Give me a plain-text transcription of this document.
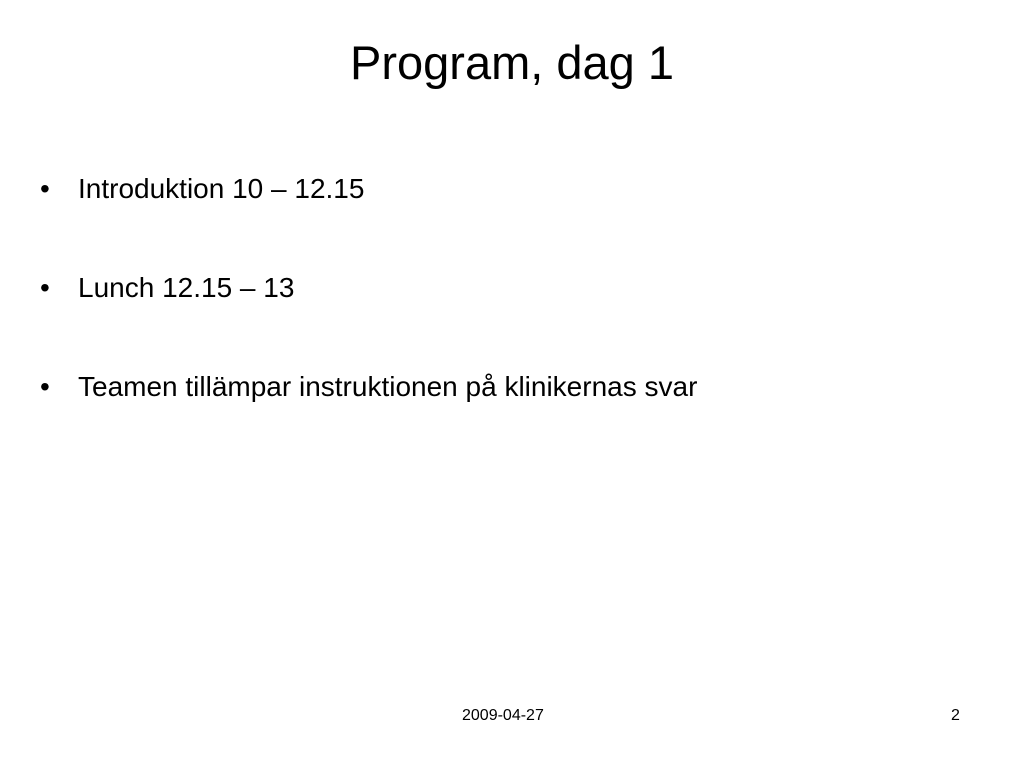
Program, dag 1
•	Introduktion 10 – 12.15
•	Lunch 12.15 – 13
•	Teamen tillämpar instruktionen på klinikernas svar
2009-04-27	2
